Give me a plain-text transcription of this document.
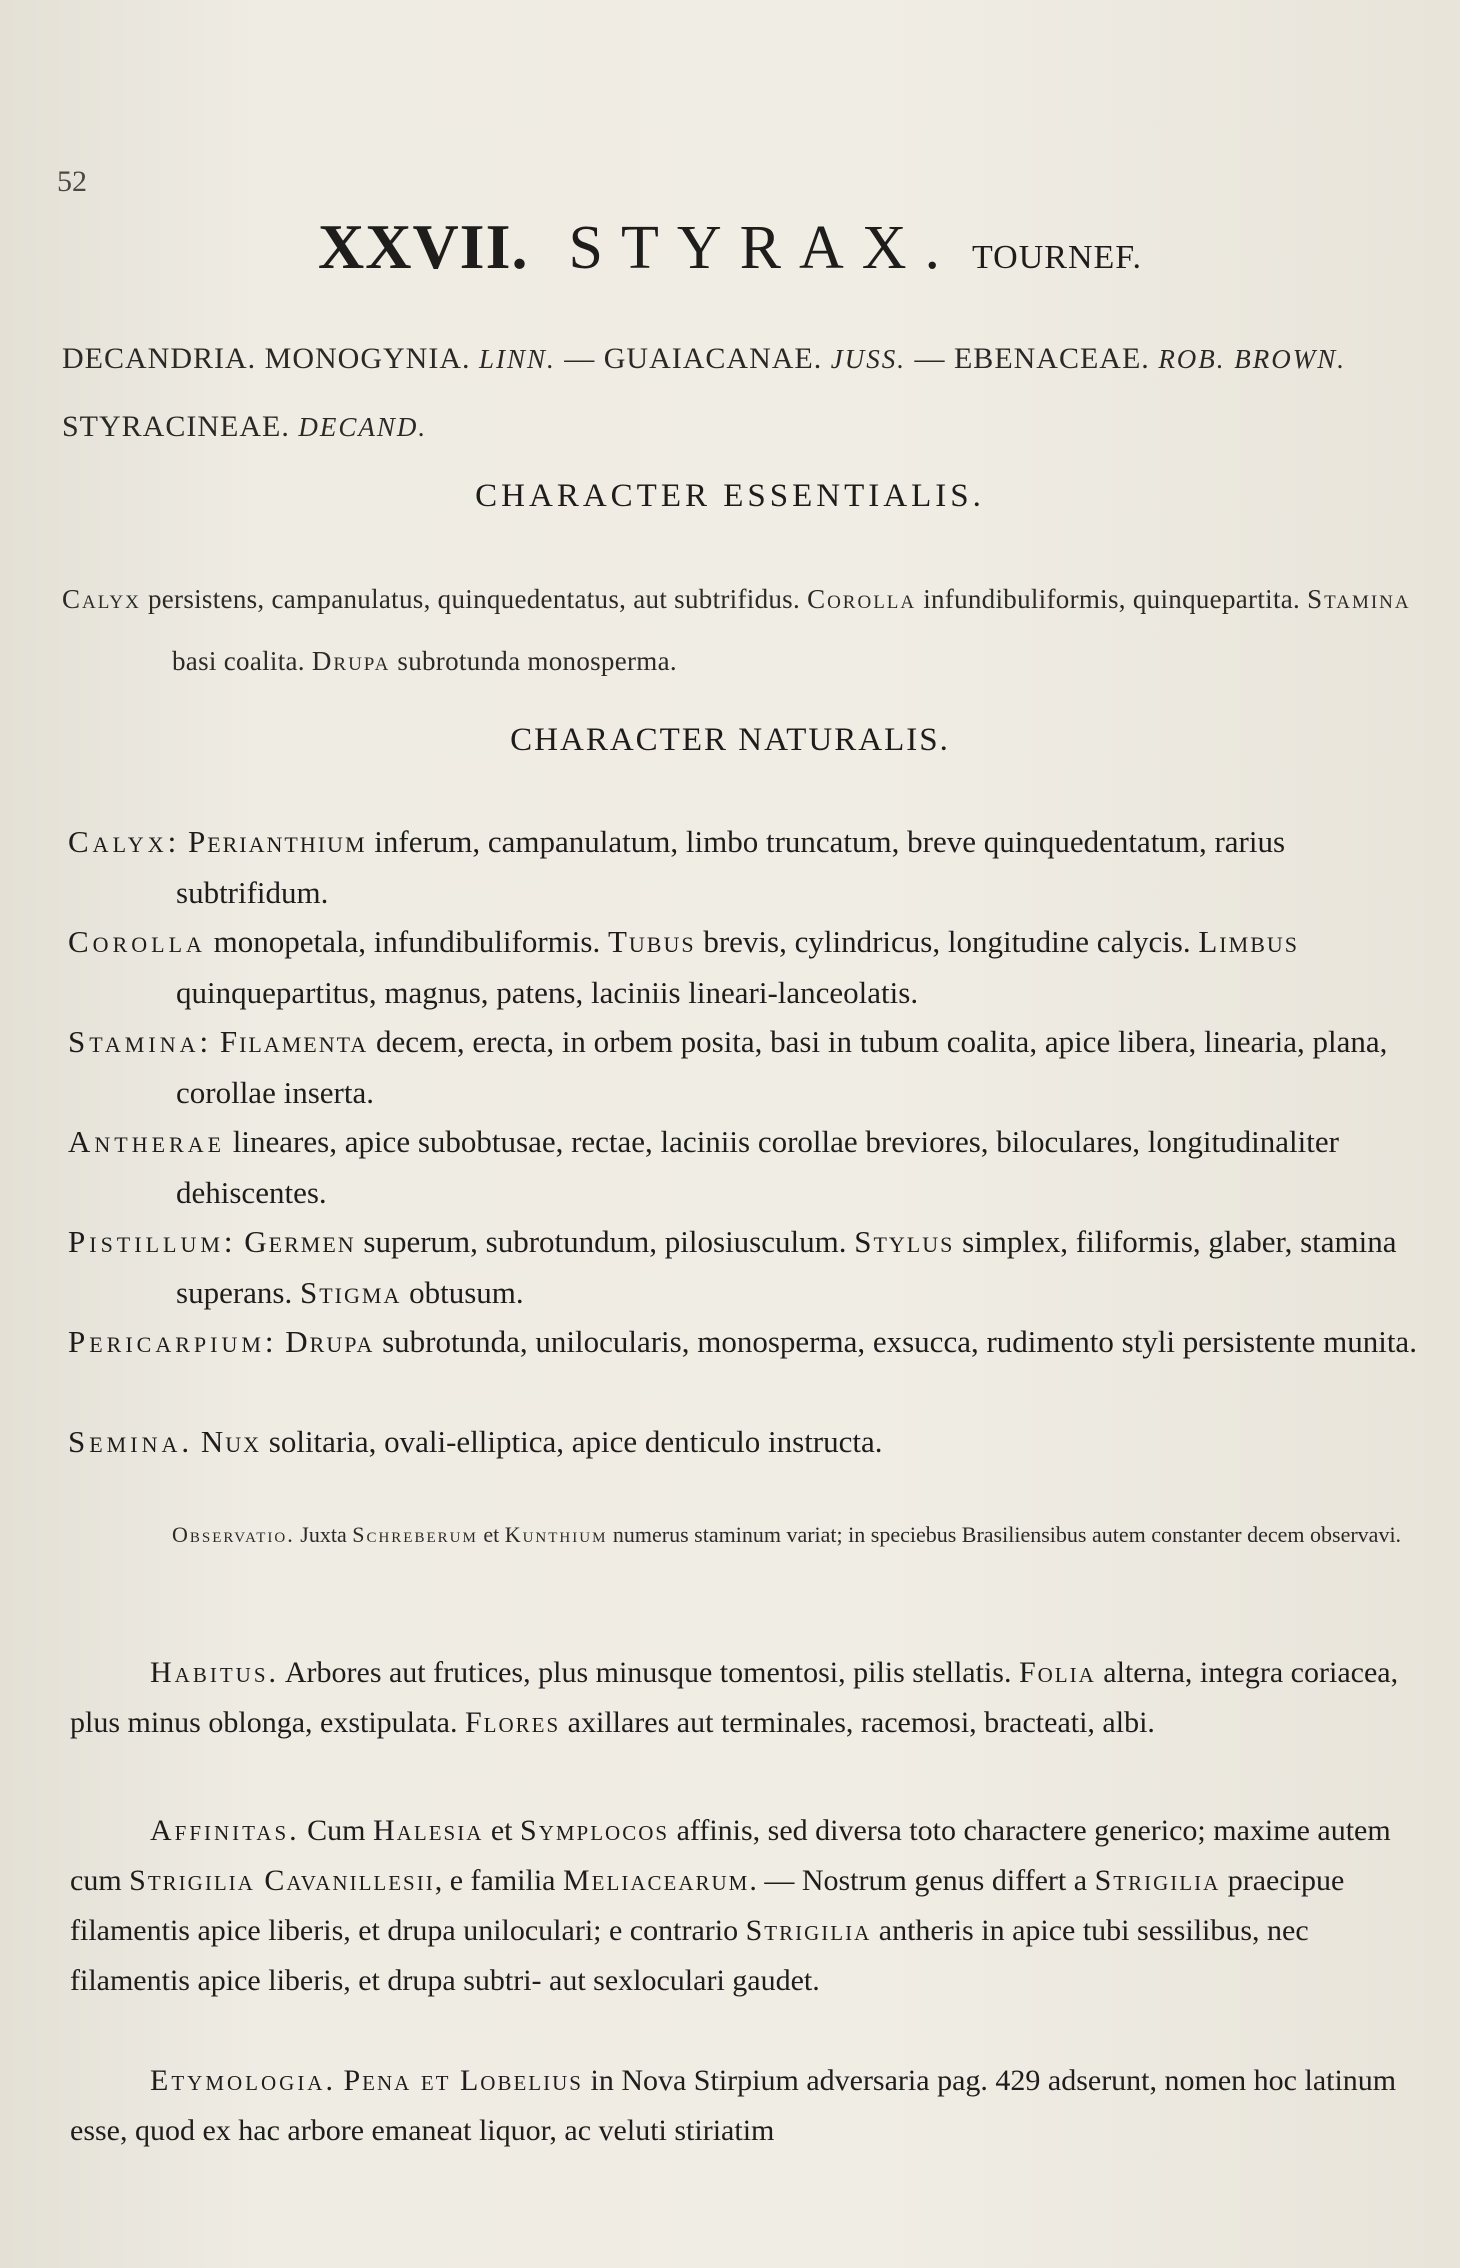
52
XXVII. STYRAX. TOURNEF.
DECANDRIA. MONOGYNIA. LINN. — GUAIACANAE. JUSS. — EBENACEAE. ROB. BROWN.
STYRACINEAE. DECAND.
CHARACTER ESSENTIALIS.
Calyx persistens, campanulatus, quinquedentatus, aut subtrifidus. Corolla infundibuliformis, quinquepartita. Stamina basi coalita. Drupa subrotunda monosperma.
CHARACTER NATURALIS.
Calyx: Perianthium inferum, campanulatum, limbo truncatum, breve quinquedentatum, rarius subtrifidum.
Corolla monopetala, infundibuliformis. Tubus brevis, cylindricus, longitudine calycis. Limbus quinquepartitus, magnus, patens, laciniis lineari-lanceolatis.
Stamina: Filamenta decem, erecta, in orbem posita, basi in tubum coalita, apice libera, linearia, plana, corollae inserta.
Antherae lineares, apice subobtusae, rectae, laciniis corollae breviores, biloculares, longitudinaliter dehiscentes.
Pistillum: Germen superum, subrotundum, pilosiusculum. Stylus simplex, filiformis, glaber, stamina superans. Stigma obtusum.
Pericarpium: Drupa subrotunda, unilocularis, monosperma, exsucca, rudimento styli persistente munita.
Semina. Nux solitaria, ovali-elliptica, apice denticulo instructa.
Observatio. Juxta Schreberum et Kunthium numerus staminum variat; in speciebus Brasiliensibus autem constanter decem observavi.
Habitus. Arbores aut frutices, plus minusque tomentosi, pilis stellatis. Folia alterna, integra coriacea, plus minus oblonga, exstipulata. Flores axillares aut terminales, racemosi, bracteati, albi.
Affinitas. Cum Halesia et Symplocos affinis, sed diversa toto charactere generico; maxime autem cum Strigilia Cavanillesii, e familia Meliacearum. — Nostrum genus differt a Strigilia praecipue filamentis apice liberis, et drupa uniloculari; e contrario Strigilia antheris in apice tubi sessilibus, nec filamentis apice liberis, et drupa subtri- aut sexloculari gaudet.
Etymologia. Pena et Lobelius in Nova Stirpium adversaria pag. 429 adserunt, nomen hoc latinum esse, quod ex hac arbore emaneat liquor, ac veluti stiriatim
